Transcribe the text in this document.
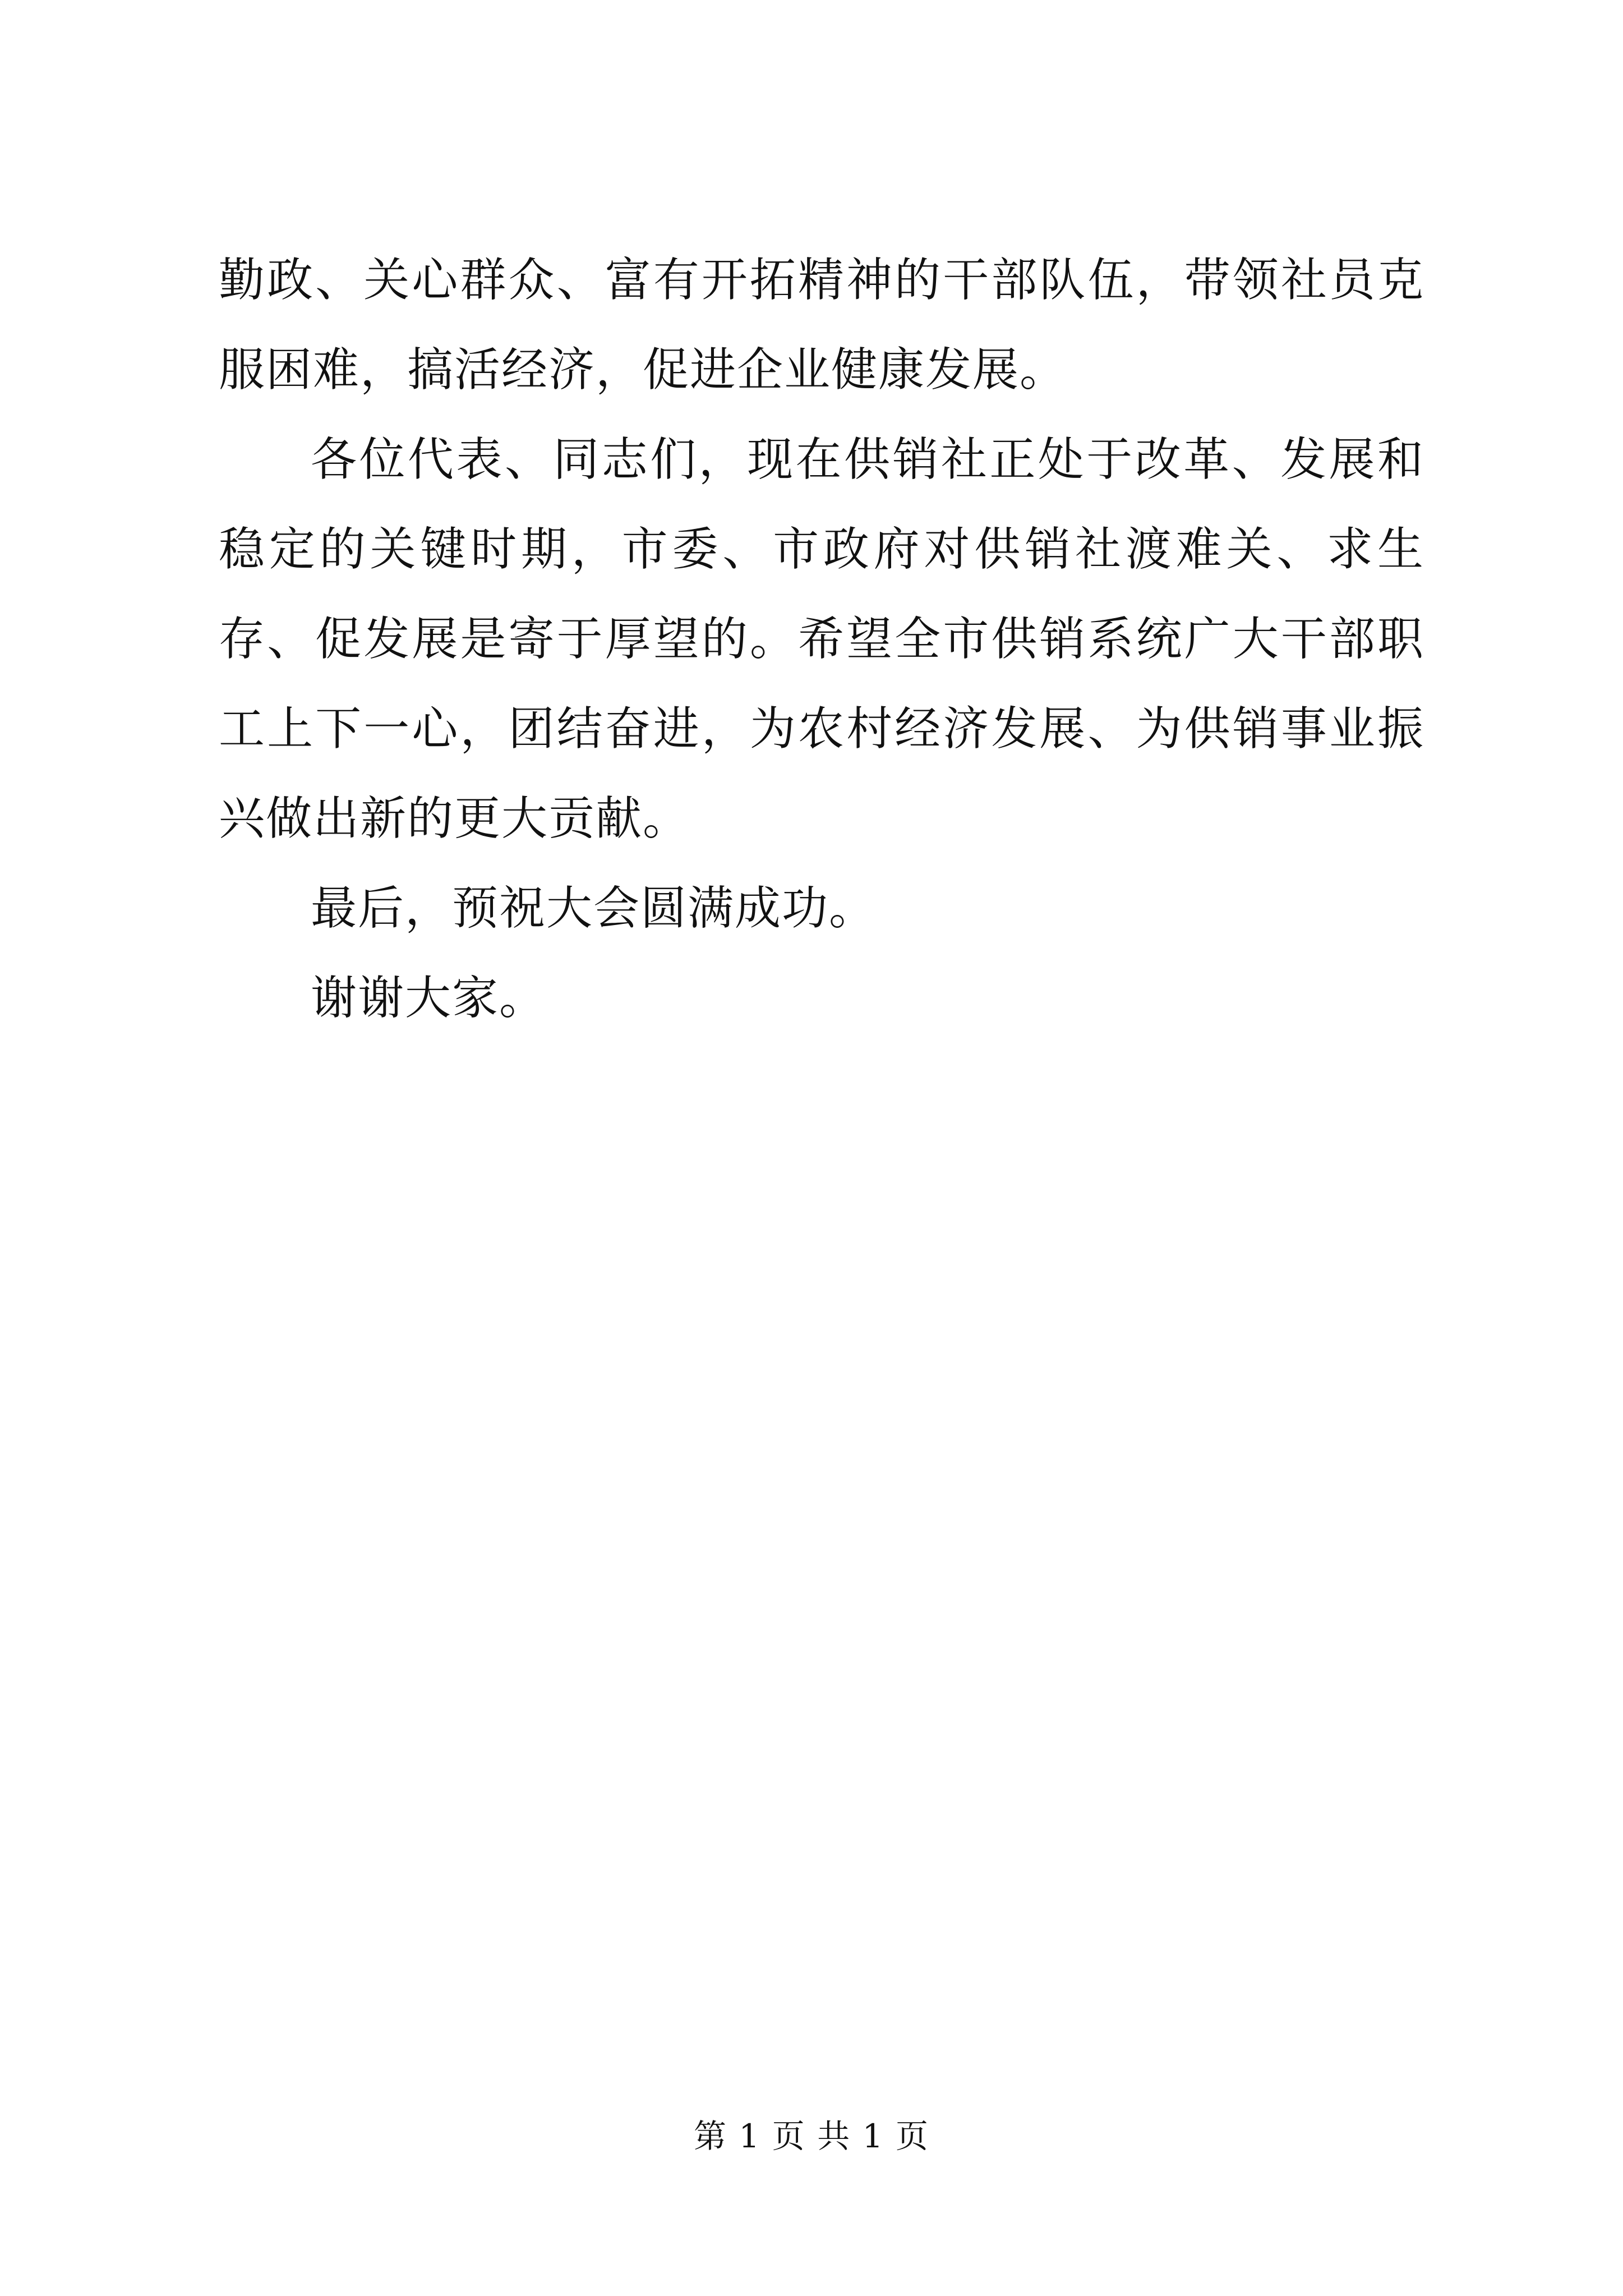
勤政、关心群众、富有开拓精神的干部队伍，带领社员克服困难，搞活经济，促进企业健康发展。

各位代表、同志们，现在供销社正处于改革、发展和稳定的关键时期，市委、市政府对供销社渡难关、求生存、促发展是寄于厚望的。希望全市供销系统广大干部职工上下一心，团结奋进，为农村经济发展、为供销事业振兴做出新的更大贡献。

最后，预祝大会圆满成功。

谢谢大家。

第 1 页 共 1 页
